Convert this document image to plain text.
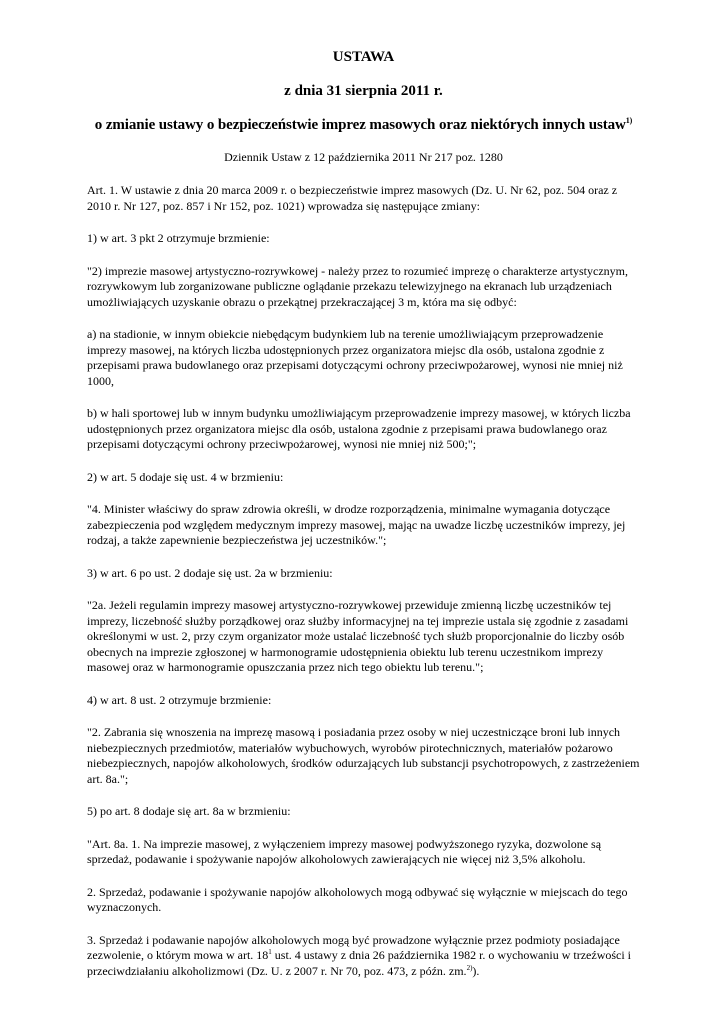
USTAWA
z dnia 31 sierpnia 2011 r.
o zmianie ustawy o bezpieczeństwie imprez masowych oraz niektórych innych ustaw$^{1)}$
Dziennik Ustaw z 12 października 2011 Nr 217 poz. 1280

Art. 1. W ustawie z dnia 20 marca 2009 r. o bezpieczeństwie imprez masowych (Dz. U. Nr 62, poz. 504 oraz z 2010 r. Nr 127, poz. 857 i Nr 152, poz. 1021) wprowadza się następujące zmiany:

1) w art. 3 pkt 2 otrzymuje brzmienie:

"2) imprezie masowej artystyczno-rozrywkowej - należy przez to rozumieć imprezę o charakterze artystycznym, rozrywkowym lub zorganizowane publiczne oglądanie przekazu telewizyjnego na ekranach lub urządzeniach umożliwiających uzyskanie obrazu o przekątnej przekraczającej 3 m, która ma się odbyć:

a) na stadionie, w innym obiekcie niebędącym budynkiem lub na terenie umożliwiającym przeprowadzenie imprezy masowej, na których liczba udostępnionych przez organizatora miejsc dla osób, ustalona zgodnie z przepisami prawa budowlanego oraz przepisami dotyczącymi ochrony przeciwpożarowej, wynosi nie mniej niż 1000,

b) w hali sportowej lub w innym budynku umożliwiającym przeprowadzenie imprezy masowej, w których liczba udostępnionych przez organizatora miejsc dla osób, ustalona zgodnie z przepisami prawa budowlanego oraz przepisami dotyczącymi ochrony przeciwpożarowej, wynosi nie mniej niż 500;";

2) w art. 5 dodaje się ust. 4 w brzmieniu:

"4. Minister właściwy do spraw zdrowia określi, w drodze rozporządzenia, minimalne wymagania dotyczące zabezpieczenia pod względem medycznym imprezy masowej, mając na uwadze liczbę uczestników imprezy, jej rodzaj, a także zapewnienie bezpieczeństwa jej uczestników.";

3) w art. 6 po ust. 2 dodaje się ust. 2a w brzmieniu:

"2a. Jeżeli regulamin imprezy masowej artystyczno-rozrywkowej przewiduje zmienną liczbę uczestników tej imprezy, liczebność służby porządkowej oraz służby informacyjnej na tej imprezie ustala się zgodnie z zasadami określonymi w ust. 2, przy czym organizator może ustalać liczebność tych służb proporcjonalnie do liczby osób obecnych na imprezie zgłoszonej w harmonogramie udostępnienia obiektu lub terenu uczestnikom imprezy masowej oraz w harmonogramie opuszczania przez nich tego obiektu lub terenu.";

4) w art. 8 ust. 2 otrzymuje brzmienie:

"2. Zabrania się wnoszenia na imprezę masową i posiadania przez osoby w niej uczestniczące broni lub innych niebezpiecznych przedmiotów, materiałów wybuchowych, wyrobów pirotechnicznych, materiałów pożarowo niebezpiecznych, napojów alkoholowych, środków odurzających lub substancji psychotropowych, z zastrzeżeniem art. 8a.";

5) po art. 8 dodaje się art. 8a w brzmieniu:

"Art. 8a. 1. Na imprezie masowej, z wyłączeniem imprezy masowej podwyższonego ryzyka, dozwolone są sprzedaż, podawanie i spożywanie napojów alkoholowych zawierających nie więcej niż 3,5% alkoholu.

2. Sprzedaż, podawanie i spożywanie napojów alkoholowych mogą odbywać się wyłącznie w miejscach do tego wyznaczonych.

3. Sprzedaż i podawanie napojów alkoholowych mogą być prowadzone wyłącznie przez podmioty posiadające zezwolenie, o którym mowa w art. $18^1$ ust. 4 ustawy z dnia 26 października 1982 r. o wychowaniu w trzeźwości i przeciwdziałaniu alkoholizmowi (Dz. U. z 2007 r. Nr 70, poz. 473, z późn. zm.$^{2)}$).
